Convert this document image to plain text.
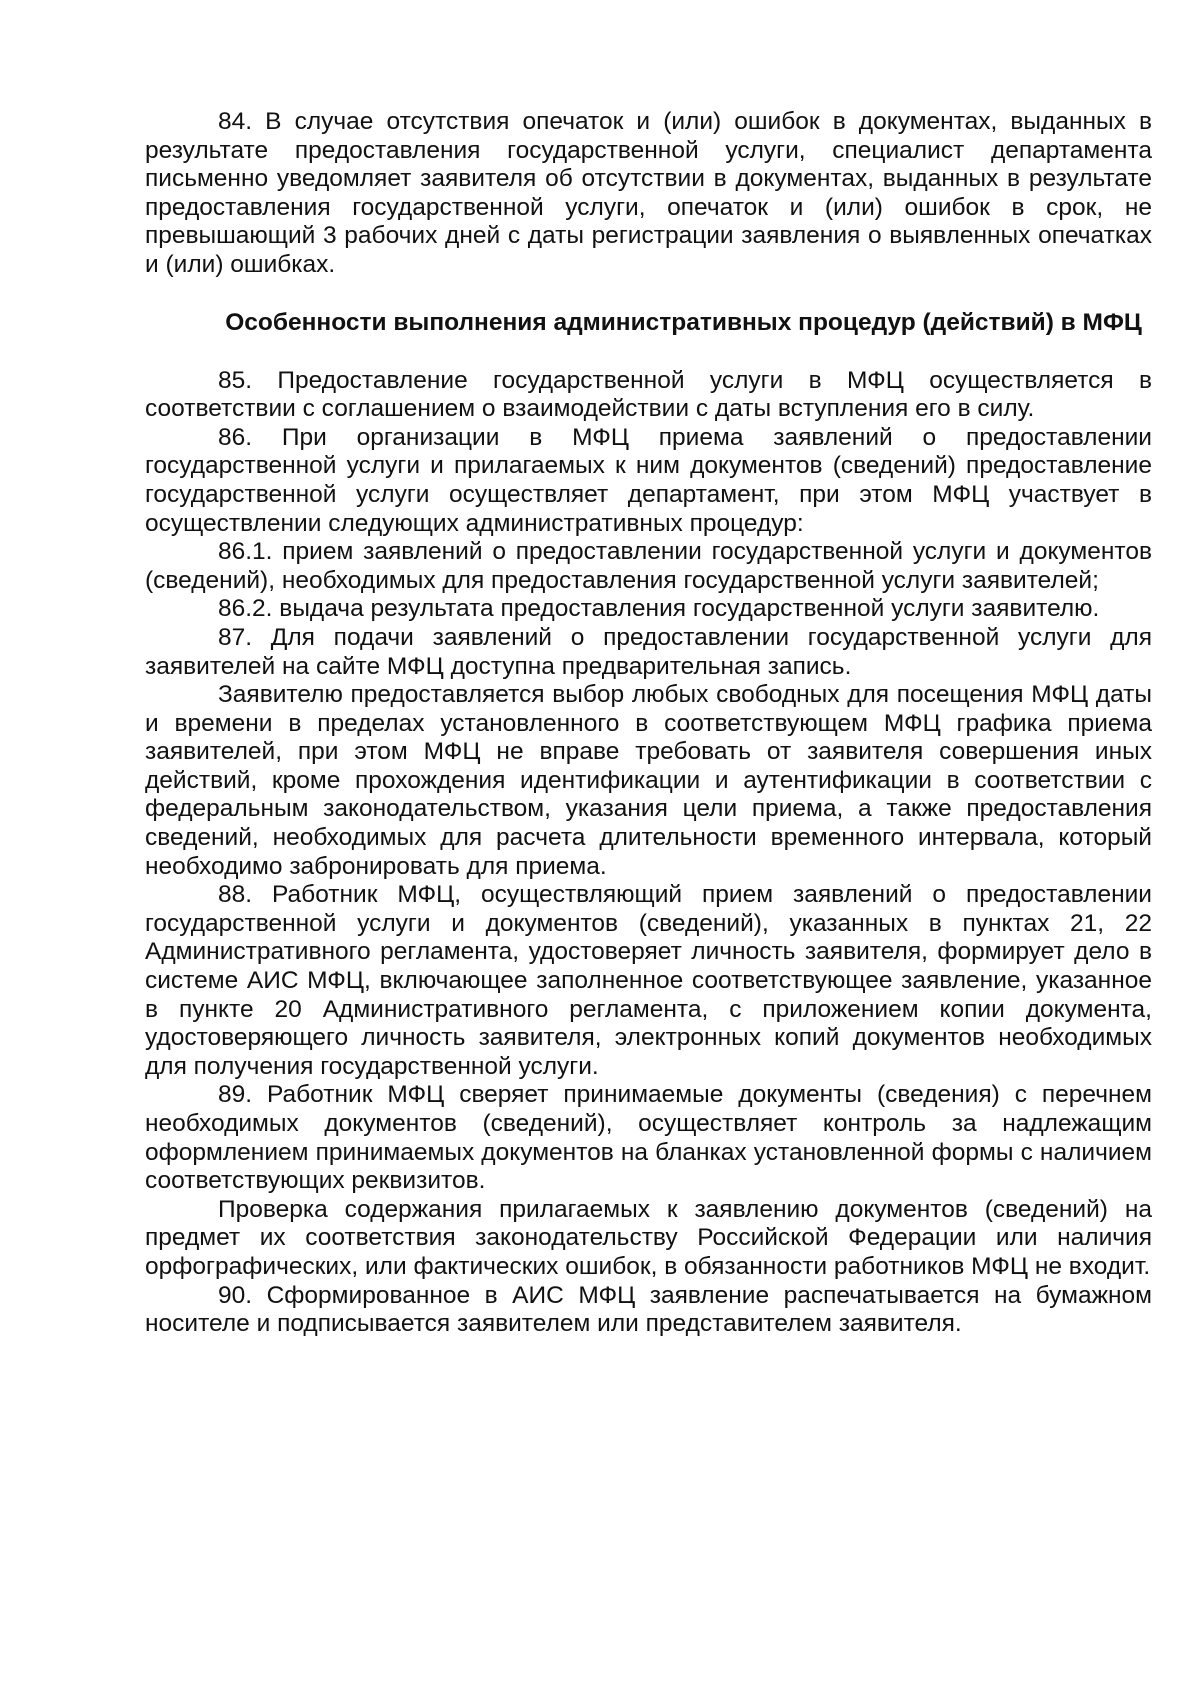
84. В случае отсутствия опечаток и (или) ошибок в документах, выданных в результате предоставления государственной услуги, специалист департамента письменно уведомляет заявителя об отсутствии в документах, выданных в результате предоставления государственной услуги, опечаток и (или) ошибок в срок, не превышающий 3 рабочих дней с даты регистрации заявления о выявленных опечатках и (или) ошибках.

Особенности выполнения административных процедур (действий) в МФЦ

85. Предоставление государственной услуги в МФЦ осуществляется в соответствии с соглашением о взаимодействии с даты вступления его в силу.

86. При организации в МФЦ приема заявлений о предоставлении государственной услуги и прилагаемых к ним документов (сведений) предоставление государственной услуги осуществляет департамент, при этом МФЦ участвует в осуществлении следующих административных процедур:

86.1. прием заявлений о предоставлении государственной услуги и документов (сведений), необходимых для предоставления государственной услуги заявителей;

86.2. выдача результата предоставления государственной услуги заявителю.

87. Для подачи заявлений о предоставлении государственной услуги для заявителей на сайте МФЦ доступна предварительная запись.

Заявителю предоставляется выбор любых свободных для посещения МФЦ даты и времени в пределах установленного в соответствующем МФЦ графика приема заявителей, при этом МФЦ не вправе требовать от заявителя совершения иных действий, кроме прохождения идентификации и аутентификации в соответствии с федеральным законодательством, указания цели приема, а также предоставления сведений, необходимых для расчета длительности временного интервала, который необходимо забронировать для приема.

88. Работник МФЦ, осуществляющий прием заявлений о предоставлении государственной услуги и документов (сведений), указанных в пунктах 21, 22 Административного регламента, удостоверяет личность заявителя, формирует дело в системе АИС МФЦ, включающее заполненное соответствующее заявление, указанное в пункте 20 Административного регламента, с приложением копии документа, удостоверяющего личность заявителя, электронных копий документов необходимых для получения государственной услуги.

89. Работник МФЦ сверяет принимаемые документы (сведения) с перечнем необходимых документов (сведений), осуществляет контроль за надлежащим оформлением принимаемых документов на бланках установленной формы с наличием соответствующих реквизитов.

Проверка содержания прилагаемых к заявлению документов (сведений) на предмет их соответствия законодательству Российской Федерации или наличия орфографических, или фактических ошибок, в обязанности работников МФЦ не входит.

90. Сформированное в АИС МФЦ заявление распечатывается на бумажном носителе и подписывается заявителем или представителем заявителя.
